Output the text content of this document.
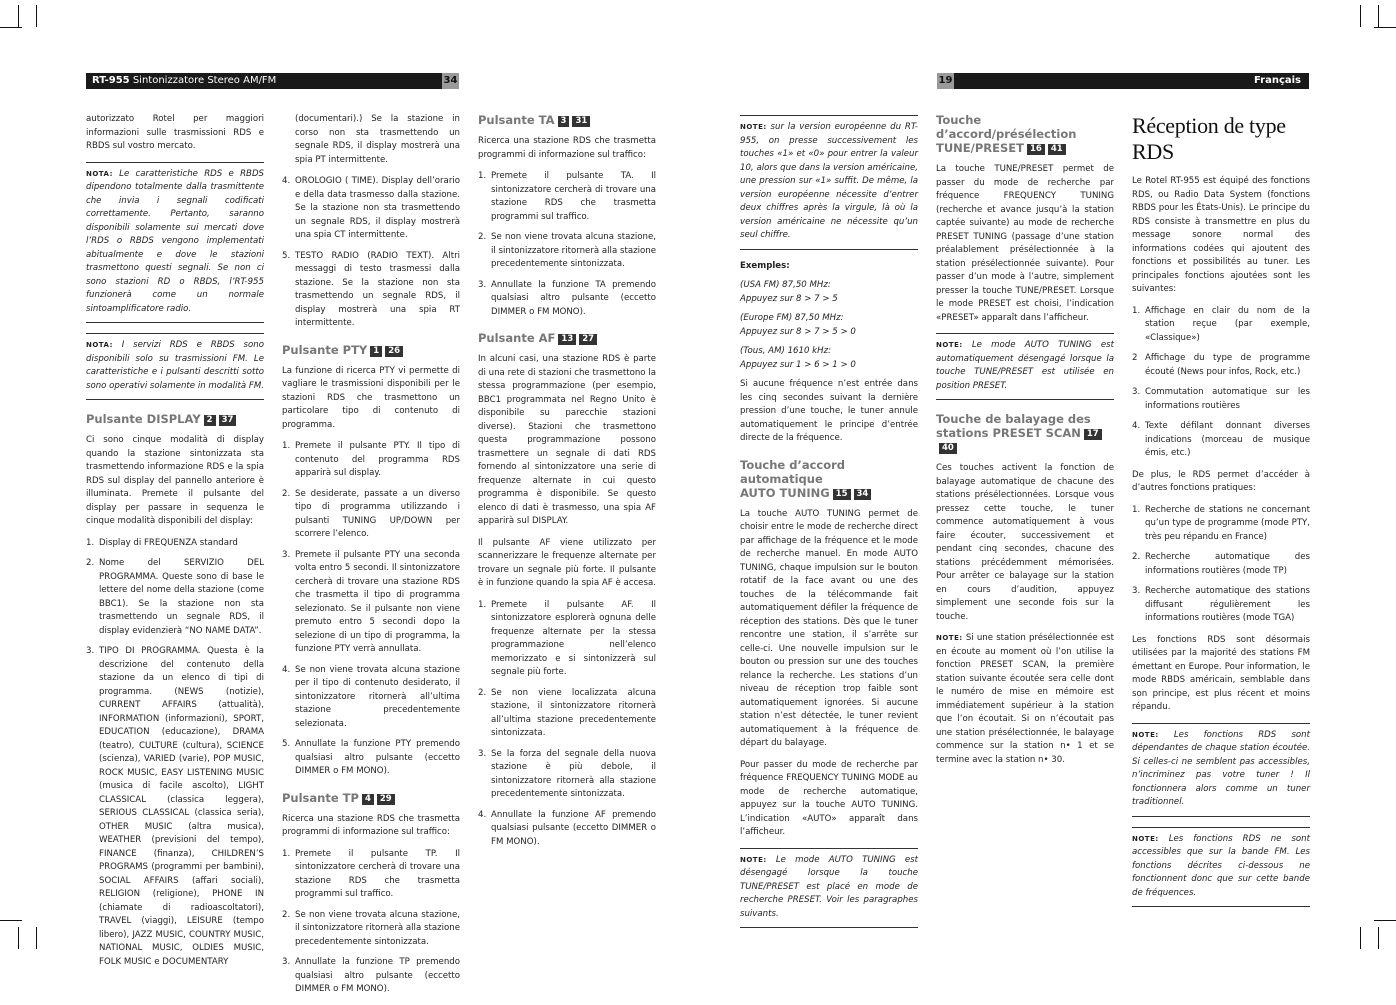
RT-955 Sintonizzatore Stereo AM/FM	34	19	Français

autorizzato Rotel per maggiori informazioni sulle trasmissioni RDS e RBDS sul vostro mercato.

NOTA: Le caratteristiche RDS e RBDS dipendono totalmente dalla trasmittente che invia i segnali codificati correttamente. Pertanto, saranno disponibili solamente sui mercati dove l’RDS o RBDS vengono implementati abitualmente e dove le stazioni trasmettono questi segnali. Se non ci sono stazioni RD o RBDS, l’RT-955 funzionerà come un normale sintoamplificatore radio.
NOTA: I servizi RDS e RBDS sono disponibili solo su trasmissioni FM. Le caratteristiche e i pulsanti descritti sotto sono operativi solamente in modalità FM.
Pulsante DISPLAY 2 37

Ci sono cinque modalità di display quando la stazione sintonizzata sta trasmettendo informazione RDS e la spia RDS sul display del pannello anteriore è illuminata. Premete il pulsante del display per passare in sequenza le cinque modalità disponibili del display:

1. Display di FREQUENZA standard
2. Nome del SERVIZIO DEL PROGRAMMA. Queste sono di base le lettere del nome della stazione (come BBC1). Se la stazione non sta trasmettendo un segnale RDS, il display evidenzierà “NO NAME DATA”.
3. TIPO DI PROGRAMMA. Questa è la descrizione del contenuto della stazione da un elenco di tipi di programma. (NEWS (notizie), CURRENT AFFAIRS (attualità), INFORMATION (informazioni), SPORT, EDUCATION (educazione), DRAMA (teatro), CULTURE (cultura), SCIENCE (scienza), VARIED (varie), POP MUSIC, ROCK MUSIC, EASY LISTENING MUSIC (musica di facile ascolto), LIGHT CLASSICAL (classica leggera), SERIOUS CLASSICAL (classica seria), OTHER MUSIC (altra musica), WEATHER (previsioni del tempo), FINANCE (finanza), CHILDREN’S PROGRAMS (programmi per bambini), SOCIAL AFFAIRS (affari sociali), RELIGION (religione), PHONE IN (chiamate di radioascoltatori), TRAVEL (viaggi), LEISURE (tempo libero), JAZZ MUSIC, COUNTRY MUSIC, NATIONAL MUSIC, OLDIES MUSIC, FOLK MUSIC e DOCUMENTARY

(documentari).) Se la stazione in corso non sta trasmettendo un segnale RDS, il display mostrerà una spia PT intermittente.

4. OROLOGIO ( TIME). Display dell’orario e della data trasmesso dalla stazione. Se la stazione non sta trasmettendo un segnale RDS, il display mostrerà una spia CT intermittente.
5. TESTO RADIO (RADIO TEXT). Altri messaggi di testo trasmessi dalla stazione. Se la stazione non sta trasmettendo un segnale RDS, il display mostrerà una spia RT intermittente.
Pulsante PTY 1 26

La funzione di ricerca PTY vi permette di vagliare le trasmissioni disponibili per le stazioni RDS che trasmettono un particolare tipo di contenuto di programma.

1. Premete il pulsante PTY. Il tipo di contenuto del programma RDS apparirà sul display.
2. Se desiderate, passate a un diverso tipo di programma utilizzando i pulsanti TUNING UP/DOWN per scorrere l’elenco.
3. Premete il pulsante PTY una seconda volta entro 5 secondi. Il sintonizzatore cercherà di trovare una stazione RDS che trasmetta il tipo di programma selezionato. Se il pulsante non viene premuto entro 5 secondi dopo la selezione di un tipo di programma, la funzione PTY verrà annullata.
4. Se non viene trovata alcuna stazione per il tipo di contenuto desiderato, il sintonizzatore ritornerà all’ultima stazione precedentemente selezionata.
5. Annullate la funzione PTY premendo qualsiasi altro pulsante (eccetto DIMMER o FM MONO).
Pulsante TP 4 29

Ricerca una stazione RDS che trasmetta programmi di informazione sul traffico:

1. Premete il pulsante TP. Il sintonizzatore cercherà di trovare una stazione RDS che trasmetta programmi sul traffico.
2. Se non viene trovata alcuna stazione, il sintonizzatore ritornerà alla stazione precedentemente sintonizzata.
3. Annullate la funzione TP premendo qualsiasi altro pulsante (eccetto DIMMER o FM MONO).
Pulsante TA 3 31

Ricerca una stazione RDS che trasmetta programmi di informazione sul traffico:

1. Premete il pulsante TA. Il sintonizzatore cercherà di trovare una stazione RDS che trasmetta programmi sul traffico.
2. Se non viene trovata alcuna stazione, il sintonizzatore ritornerà alla stazione precedentemente sintonizzata.
3. Annullate la funzione TA premendo qualsiasi altro pulsante (eccetto DIMMER o FM MONO).
Pulsante AF 13 27

In alcuni casi, una stazione RDS è parte di una rete di stazioni che trasmettono la stessa programmazione (per esempio, BBC1 programmata nel Regno Unito è disponibile su parecchie stazioni diverse). Stazioni che trasmettono questa programmazione possono trasmettere un segnale di dati RDS fornendo al sintonizzatore una serie di frequenze alternate in cui questo programma è disponibile. Se questo elenco di dati è trasmesso, una spia AF apparirà sul DISPLAY.

Il pulsante AF viene utilizzato per scannerizzare le frequenze alternate per trovare un segnale più forte. Il pulsante è in funzione quando la spia AF è accesa.

1. Premete il pulsante AF. Il sintonizzatore esplorerà ognuna delle frequenze alternate per la stessa programmazione nell’elenco memorizzato e si sintonizzerà sul segnale più forte.
2. Se non viene localizzata alcuna stazione, il sintonizzatore ritornerà all’ultima stazione precedentemente sintonizzata.
3. Se la forza del segnale della nuova stazione è più debole, il sintonizzatore ritornerà alla stazione precedentemente sintonizzata.
4. Annullate la funzione AF premendo qualsiasi pulsante (eccetto DIMMER o FM MONO).
NOTE: sur la version européenne du RT-955, on presse successivement les touches «1» et «0» pour entrer la valeur 10, alors que dans la version américaine, une pression sur «1» suffit. De même, la version européenne nécessite d’entrer deux chiffres après la virgule, là où la version américaine ne nécessite qu’un seul chiffre.
Exemples:
(USA FM) 87,50 MHz:
Appuyez sur 8 > 7 > 5
(Europe FM) 87,50 MHz:
Appuyez sur 8 > 7 > 5 > 0
(Tous, AM) 1610 kHz:
Appuyez sur 1 > 6 > 1 > 0

Si aucune fréquence n’est entrée dans les cinq secondes suivant la dernière pression d’une touche, le tuner annule automatiquement le principe d’entrée directe de la fréquence.

Touche d’accord automatique
AUTO TUNING 15 34

La touche AUTO TUNING permet de choisir entre le mode de recherche direct par affichage de la fréquence et le mode de recherche manuel. En mode AUTO TUNING, chaque impulsion sur le bouton rotatif de la face avant ou une des touches de la télécommande fait automatiquement défiler la fréquence de réception des stations. Dès que le tuner rencontre une station, il s’arrête sur celle-ci. Une nouvelle impulsion sur le bouton ou pression sur une des touches relance la recherche. Les stations d’un niveau de réception trop faible sont automatiquement ignorées. Si aucune station n’est détectée, le tuner revient automatiquement à la fréquence de départ du balayage.

Pour passer du mode de recherche par fréquence FREQUENCY TUNING MODE au mode de recherche automatique, appuyez sur la touche AUTO TUNING. L’indication «AUTO» apparaît dans l’afficheur.

NOTE: Le mode AUTO TUNING est désengagé lorsque la touche TUNE/PRESET est placé en mode de recherche PRESET. Voir les paragraphes suivants.
Touche d’accord/présélection
TUNE/PRESET 16 41

La touche TUNE/PRESET permet de passer du mode de recherche par fréquence FREQUENCY TUNING (recherche et avance jusqu’à la station captée suivante) au mode de recherche PRESET TUNING (passage d’une station préalablement présélectionnée à la station présélectionnée suivante). Pour passer d’un mode à l’autre, simplement presser la touche TUNE/PRESET. Lorsque le mode PRESET est choisi, l’indication «PRESET» apparaît dans l’afficheur.

NOTE: Le mode AUTO TUNING est automatiquement désengagé lorsque la touche TUNE/PRESET est utilisée en position PRESET.
Touche de balayage des
stations PRESET SCAN 1740

Ces touches activent la fonction de balayage automatique de chacune des stations présélectionnées. Lorsque vous pressez cette touche, le tuner commence automatiquement à vous faire écouter, successivement et pendant cinq secondes, chacune des stations précédemment mémorisées. Pour arrêter ce balayage sur la station en cours d’audition, appuyez simplement une seconde fois sur la touche.

NOTE: Si une station présélectionnée est en écoute au moment où l’on utilise la fonction PRESET SCAN, la première station suivante écoutée sera celle dont le numéro de mise en mémoire est immédiatement supérieur à la station que l’on écoutait. Si on n’écoutait pas une station présélectionnée, le balayage commence sur la station n• 1 et se termine avec la station n• 30.

Réception de type RDS

Le Rotel RT-955 est équipé des fonctions RDS, ou Radio Data System (fonctions RBDS pour les États-Unis). Le principe du RDS consiste à transmettre en plus du message sonore normal des informations codées qui ajoutent des fonctions et possibilités au tuner. Les principales fonctions ajoutées sont les suivantes:

1. Affichage en clair du nom de la station reçue (par exemple, «Classique»)
2 Affichage du type de programme écouté (News pour infos, Rock, etc.)
3. Commutation automatique sur les informations routières
4. Texte défilant donnant diverses indications (morceau de musique émis, etc.)

De plus, le RDS permet d’accéder à d’autres fonctions pratiques:

1. Recherche de stations ne concernant qu’un type de programme (mode PTY, très peu répandu en France)
2. Recherche automatique des informations routières (mode TP)
3. Recherche automatique des stations diffusant régulièrement les informations routières (mode TGA)

Les fonctions RDS sont désormais utilisées par la majorité des stations FM émettant en Europe. Pour information, le mode RBDS américain, semblable dans son principe, est plus récent et moins répandu.

NOTE: Les fonctions RDS sont dépendantes de chaque station écoutée. Si celles-ci ne semblent pas accessibles, n’incriminez pas votre tuner ! Il fonctionnera alors comme un tuner traditionnel.
NOTE: Les fonctions RDS ne sont accessibles que sur la bande FM. Les fonctions décrites ci-dessous ne fonctionnent donc que sur cette bande de fréquences.
